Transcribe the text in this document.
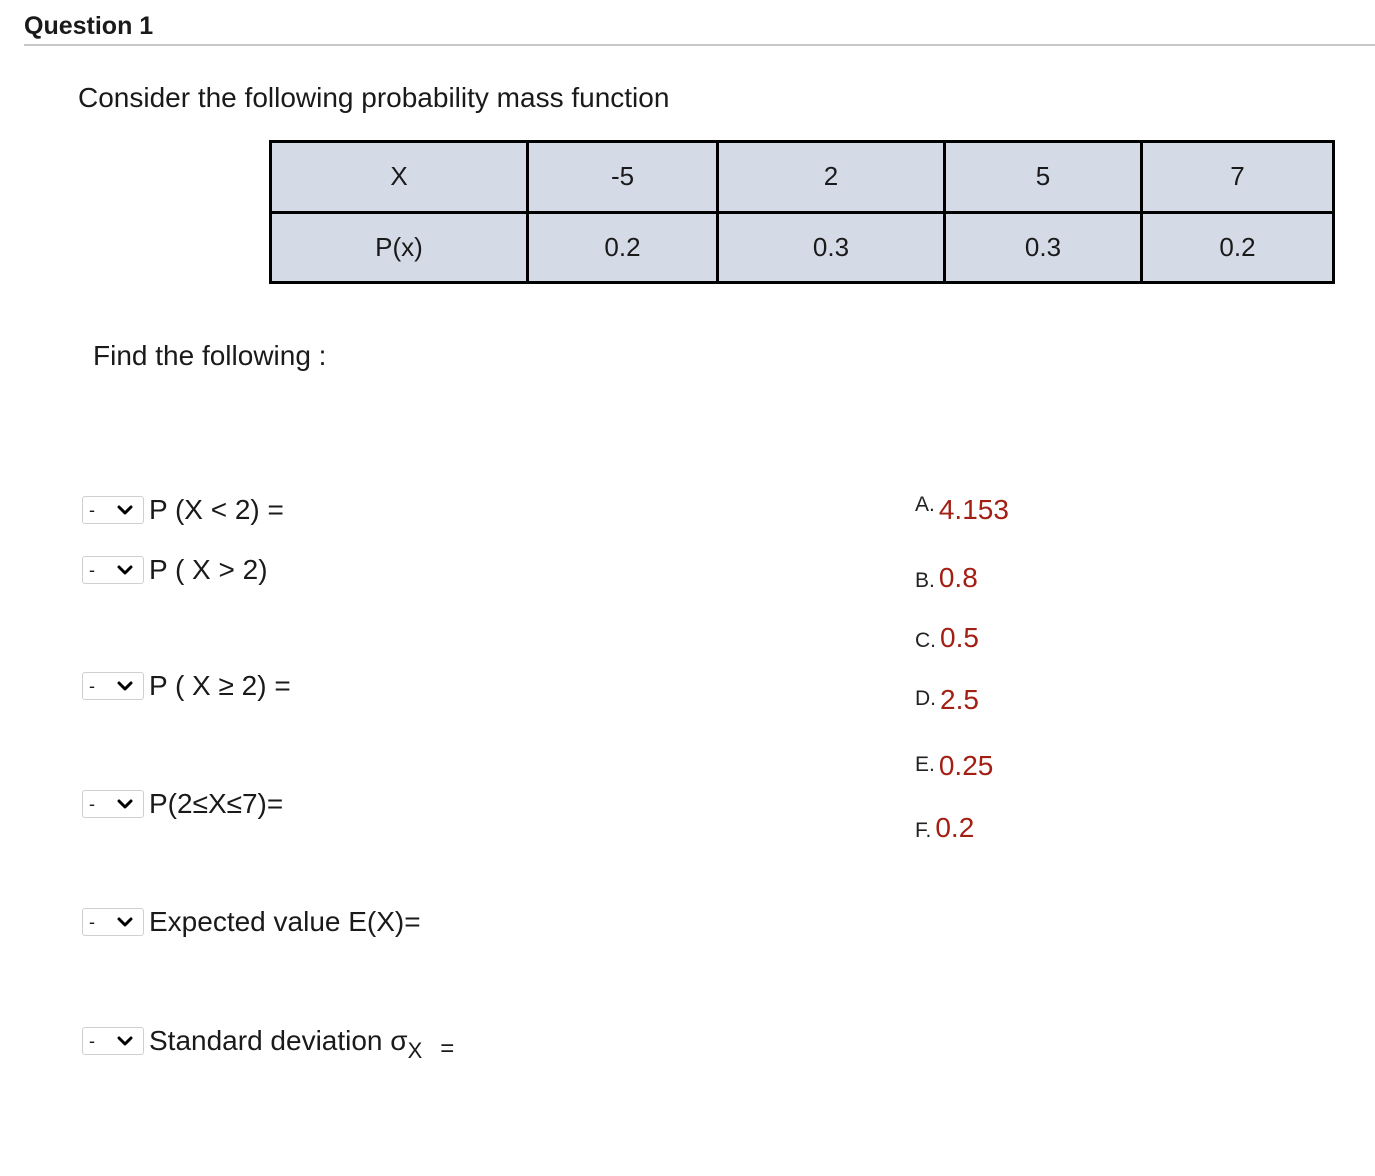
Question 1
Consider the following probability mass function
X	-5	2	5	7
P(x)	0.2	0.3	0.3	0.2
Find the following :
- P (X < 2) =
- P ( X > 2)
- P ( X ≥ 2) =
- P(2≤X≤7)=
- Expected value E(X)=
- Standard deviation $\sigma_X$ =
A. 4.153
B. 0.8
C. 0.5
D. 2.5
E. 0.25
F. 0.2
